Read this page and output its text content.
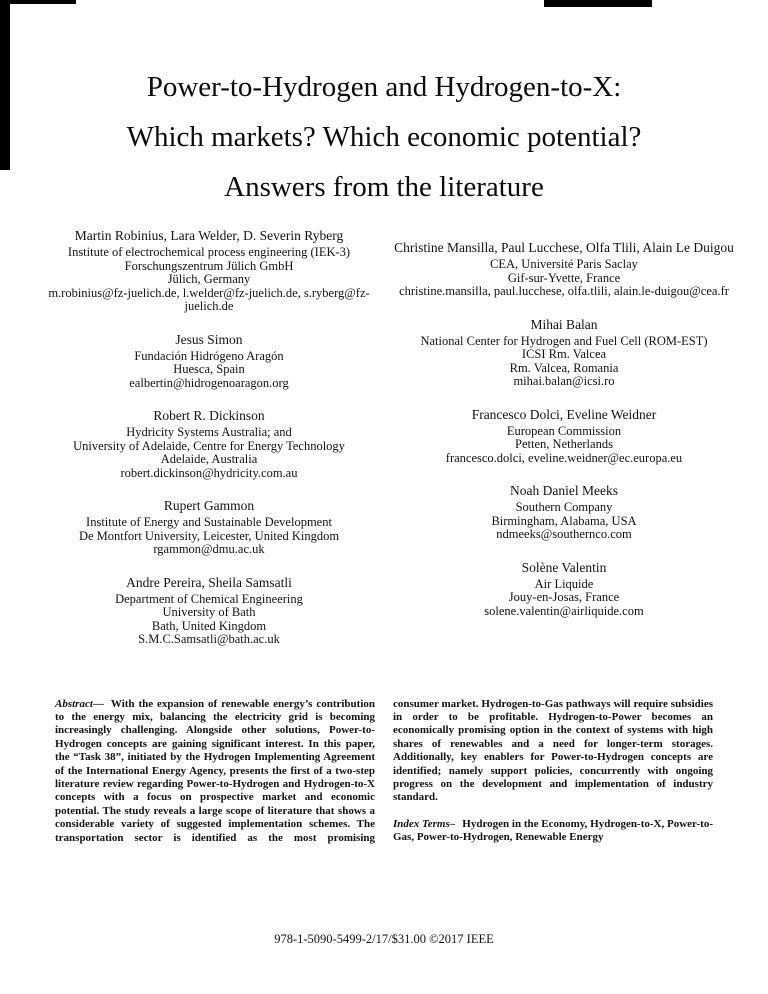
Power-to-Hydrogen and Hydrogen-to-X:
Which markets? Which economic potential?
Answers from the literature
Martin Robinius, Lara Welder, D. Severin Ryberg
Institute of electrochemical process engineering (IEK-3)
Forschungszentrum Jülich GmbH
Jülich, Germany
m.robinius@fz-juelich.de, l.welder@fz-juelich.de, s.ryberg@fz-juelich.de
Jesus Simon
Fundación Hidrógeno Aragón
Huesca, Spain
ealbertin@hidrogenoaragon.org
Robert R. Dickinson
Hydricity Systems Australia; and
University of Adelaide, Centre for Energy Technology
Adelaide, Australia
robert.dickinson@hydricity.com.au
Rupert Gammon
Institute of Energy and Sustainable Development
De Montfort University, Leicester, United Kingdom
rgammon@dmu.ac.uk
Andre Pereira, Sheila Samsatli
Department of Chemical Engineering
University of Bath
Bath, United Kingdom
S.M.C.Samsatli@bath.ac.uk
Christine Mansilla, Paul Lucchese, Olfa Tlili, Alain Le Duigou
CEA, Université Paris Saclay
Gif-sur-Yvette, France
christine.mansilla, paul.lucchese, olfa.tlili, alain.le-duigou@cea.fr
Mihai Balan
National Center for Hydrogen and Fuel Cell (ROM-EST)
ICSI Rm. Valcea
Rm. Valcea, Romania
mihai.balan@icsi.ro
Francesco Dolci, Eveline Weidner
European Commission
Petten, Netherlands
francesco.dolci, eveline.weidner@ec.europa.eu
Noah Daniel Meeks
Southern Company
Birmingham, Alabama, USA
ndmeeks@southernco.com
Solène Valentin
Air Liquide
Jouy-en-Josas, France
solene.valentin@airliquide.com

Abstract— With the expansion of renewable energy’s contribution to the energy mix, balancing the electricity grid is becoming increasingly challenging. Alongside other solutions, Power-to-Hydrogen concepts are gaining significant interest. In this paper, the “Task 38”, initiated by the Hydrogen Implementing Agreement of the International Energy Agency, presents the first of a two-step literature review regarding Power-to-Hydrogen and Hydrogen-to-X concepts with a focus on prospective market and economic potential. The study reveals a large scope of literature that shows a considerable variety of suggested implementation schemes. The transportation sector is identified as the most promising

consumer market. Hydrogen-to-Gas pathways will require subsidies in order to be profitable. Hydrogen-to-Power becomes an economically promising option in the context of systems with high shares of renewables and a need for longer-term storages. Additionally, key enablers for Power-to-Hydrogen concepts are identified; namely support policies, concurrently with ongoing progress on the development and implementation of industry standard.

Index Terms– Hydrogen in the Economy, Hydrogen-to-X, Power-to-Gas, Power-to-Hydrogen, Renewable Energy

978-1-5090-5499-2/17/$31.00 ©2017 IEEE
